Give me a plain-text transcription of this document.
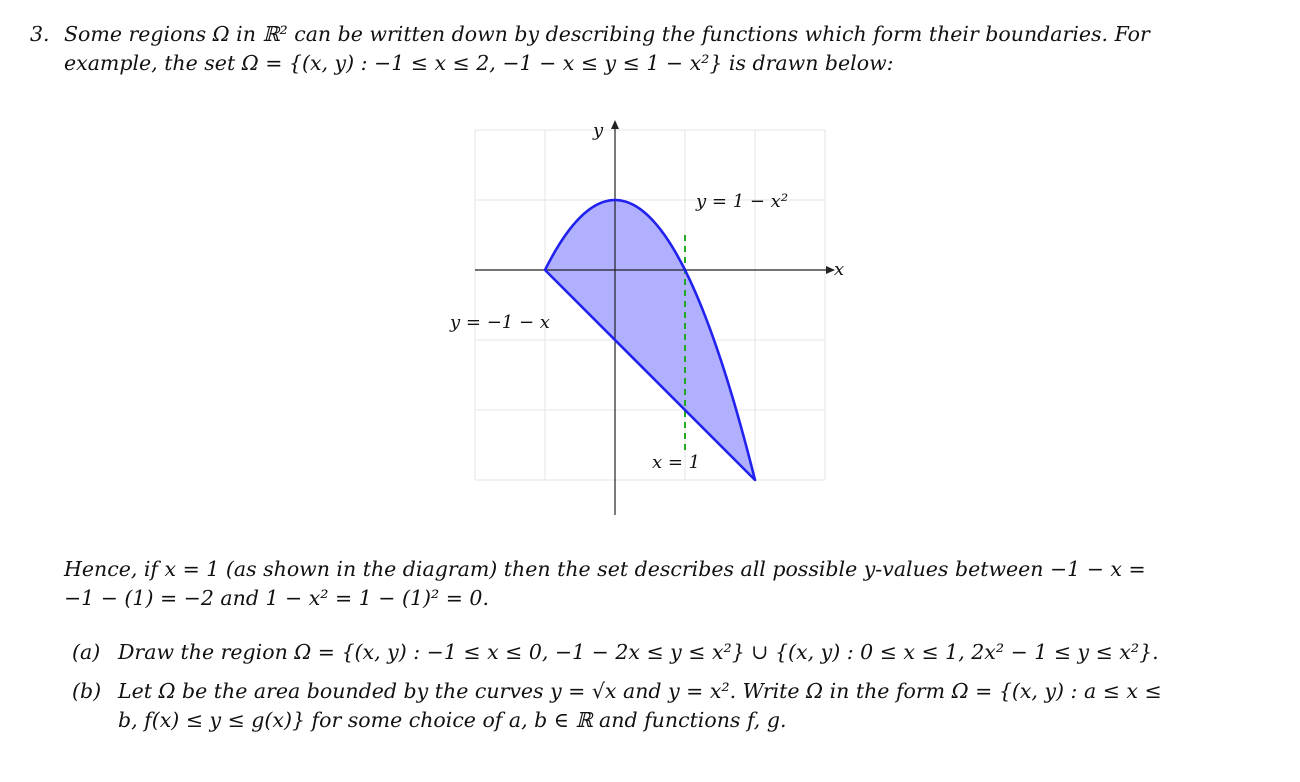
3. Some regions Ω in ℝ² can be written down by describing the functions which form their boundaries. For

example, the set Ω = {(x, y) : −1 ≤ x ≤ 2, −1 − x ≤ y ≤ 1 − x²} is drawn below:

y
x
y = 1 − x²
y = −1 − x
x = 1

Hence, if x = 1 (as shown in the diagram) then the set describes all possible y-values between −1 − x =

−1 − (1) = −2 and 1 − x² = 1 − (1)² = 0.

(a) Draw the region Ω = {(x, y) : −1 ≤ x ≤ 0, −1 − 2x ≤ y ≤ x²} ∪ {(x, y) : 0 ≤ x ≤ 1, 2x² − 1 ≤ y ≤ x²}.

(b) Let Ω be the area bounded by the curves y = √x and y = x². Write Ω in the form Ω = {(x, y) : a ≤ x ≤

b, f(x) ≤ y ≤ g(x)} for some choice of a, b ∈ ℝ and functions f, g.
